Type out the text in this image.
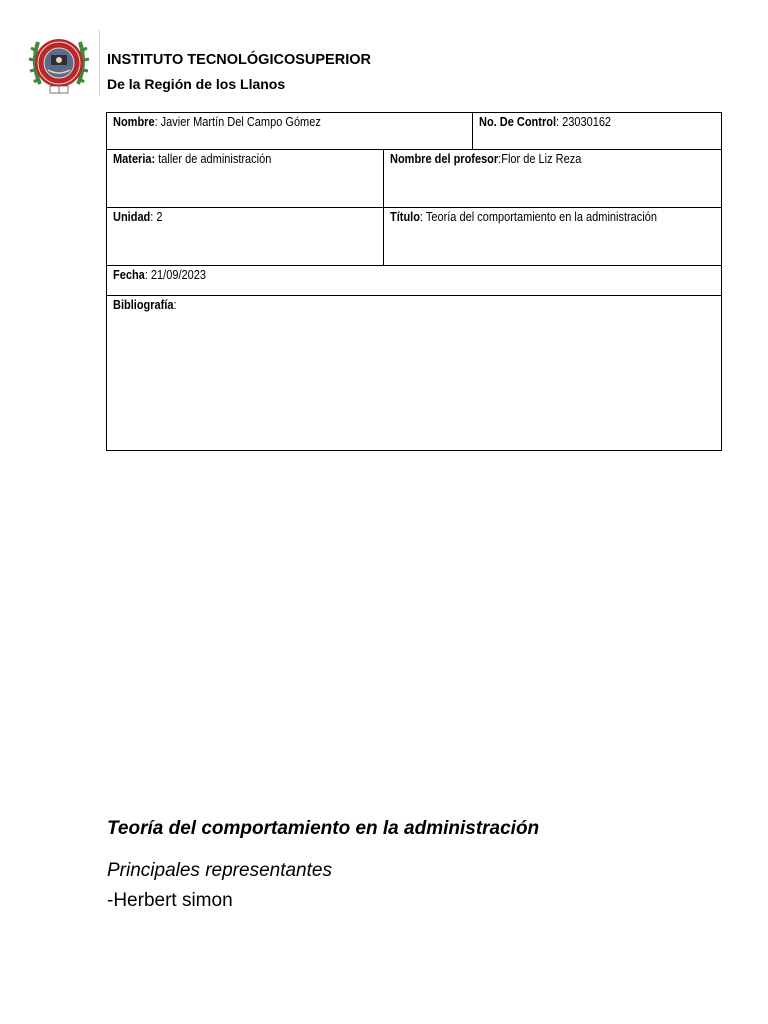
INSTITUTO TECNOLÓGICOSUPERIOR
De la Región de los Llanos
Nombre: Javier Martín Del Campo Gómez	No. De Control: 23030162
Materia: taller de administración	Nombre del profesor:Flor de Liz Reza
Unidad: 2	Título: Teoría del comportamiento en la administración
Fecha: 21/09/2023
Bibliografía:
Teoría del comportamiento en la administración
Principales representantes
-Herbert simon
